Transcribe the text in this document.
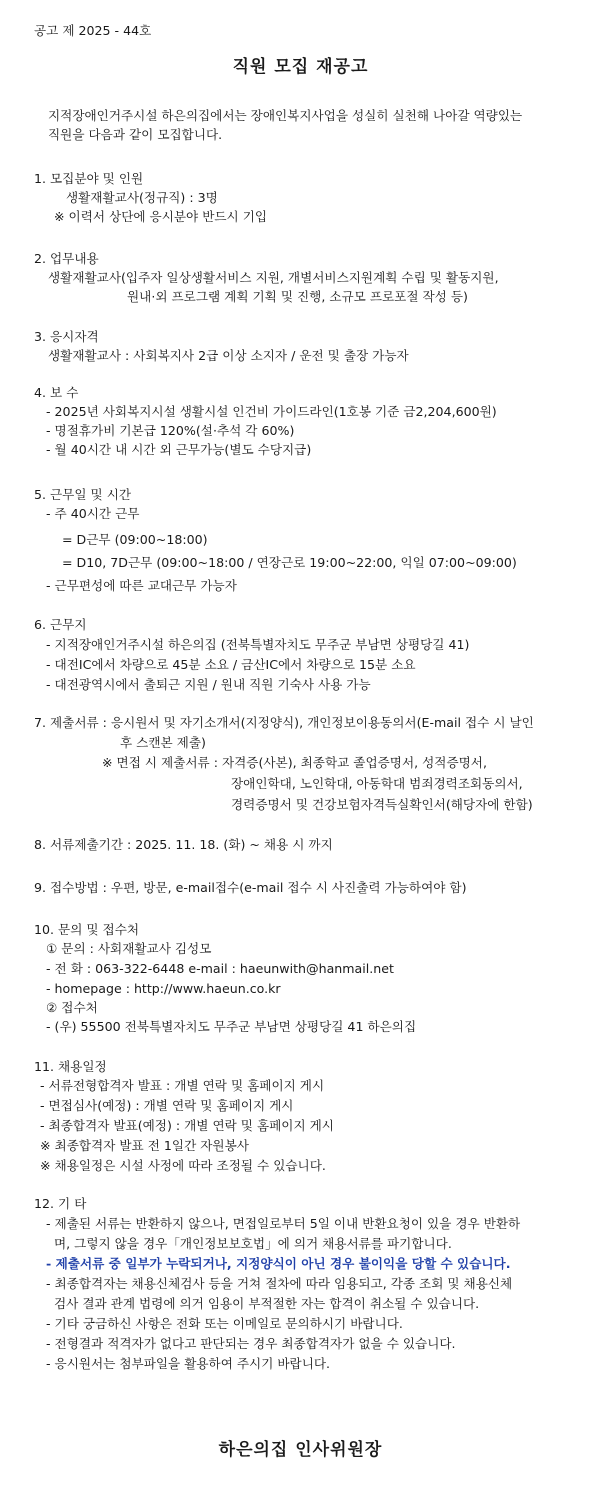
공고 제 2025 - 44호
직원 모집 재공고
지적장애인거주시설 하은의집에서는 장애인복지사업을 성실히 실천해 나아갈 역량있는
직원을 다음과 같이 모집합니다.
1. 모집분야 및 인원
생활재활교사(정규직) : 3명
※ 이력서 상단에 응시분야 반드시 기입
2. 업무내용
생활재활교사(입주자 일상생활서비스 지원, 개별서비스지원계획 수립 및 활동지원,
원내·외 프로그램 계획 기획 및 진행, 소규모 프로포절 작성 등)
3. 응시자격
생활재활교사 : 사회복지사 2급 이상 소지자 / 운전 및 출장 가능자
4. 보 수
- 2025년 사회복지시설 생활시설 인건비 가이드라인(1호봉 기준 금2,204,600원)
- 명절휴가비 기본급 120%(설·추석 각 60%)
- 월 40시간 내 시간 외 근무가능(별도 수당지급)
5. 근무일 및 시간
- 주 40시간 근무
= D근무 (09:00~18:00)
= D10, 7D근무 (09:00~18:00 / 연장근로 19:00~22:00, 익일 07:00~09:00)
- 근무편성에 따른 교대근무 가능자
6. 근무지
- 지적장애인거주시설 하은의집 (전북특별자치도 무주군 부남면 상평당길 41)
- 대전IC에서 차량으로 45분 소요 / 금산IC에서 차량으로 15분 소요
- 대전광역시에서 출퇴근 지원 / 원내 직원 기숙사 사용 가능
7. 제출서류 : 응시원서 및 자기소개서(지정양식), 개인정보이용동의서(E-mail 접수 시 날인
후 스캔본 제출)
※ 면접 시 제출서류 : 자격증(사본), 최종학교 졸업증명서, 성적증명서,
장애인학대, 노인학대, 아동학대 범죄경력조회동의서,
경력증명서 및 건강보험자격득실확인서(해당자에 한함)
8. 서류제출기간 : 2025. 11. 18. (화) ~ 채용 시 까지
9. 접수방법 : 우편, 방문, e-mail접수(e-mail 접수 시 사진출력 가능하여야 함)
10. 문의 및 접수처
① 문의 : 사회재활교사 김성모
- 전 화 : 063-322-6448 e-mail : haeunwith@hanmail.net
- homepage : http://www.haeun.co.kr
② 접수처
- (우) 55500 전북특별자치도 무주군 부남면 상평당길 41 하은의집
11. 채용일정
- 서류전형합격자 발표 : 개별 연락 및 홈페이지 게시
- 면접심사(예정) : 개별 연락 및 홈페이지 게시
- 최종합격자 발표(예정) : 개별 연락 및 홈페이지 게시
※ 최종합격자 발표 전 1일간 자원봉사
※ 채용일정은 시설 사정에 따라 조정될 수 있습니다.
12. 기 타
- 제출된 서류는 반환하지 않으나, 면접일로부터 5일 이내 반환요청이 있을 경우 반환하
며, 그렇지 않을 경우「개인정보보호법」에 의거 채용서류를 파기합니다.
- 제출서류 중 일부가 누락되거나, 지정양식이 아닌 경우 불이익을 당할 수 있습니다.
- 최종합격자는 채용신체검사 등을 거쳐 절차에 따라 임용되고, 각종 조회 및 채용신체
검사 결과 관계 법령에 의거 임용이 부적절한 자는 합격이 취소될 수 있습니다.
- 기타 궁금하신 사항은 전화 또는 이메일로 문의하시기 바랍니다.
- 전형결과 적격자가 없다고 판단되는 경우 최종합격자가 없을 수 있습니다.
- 응시원서는 첨부파일을 활용하여 주시기 바랍니다.
하은의집 인사위원장
